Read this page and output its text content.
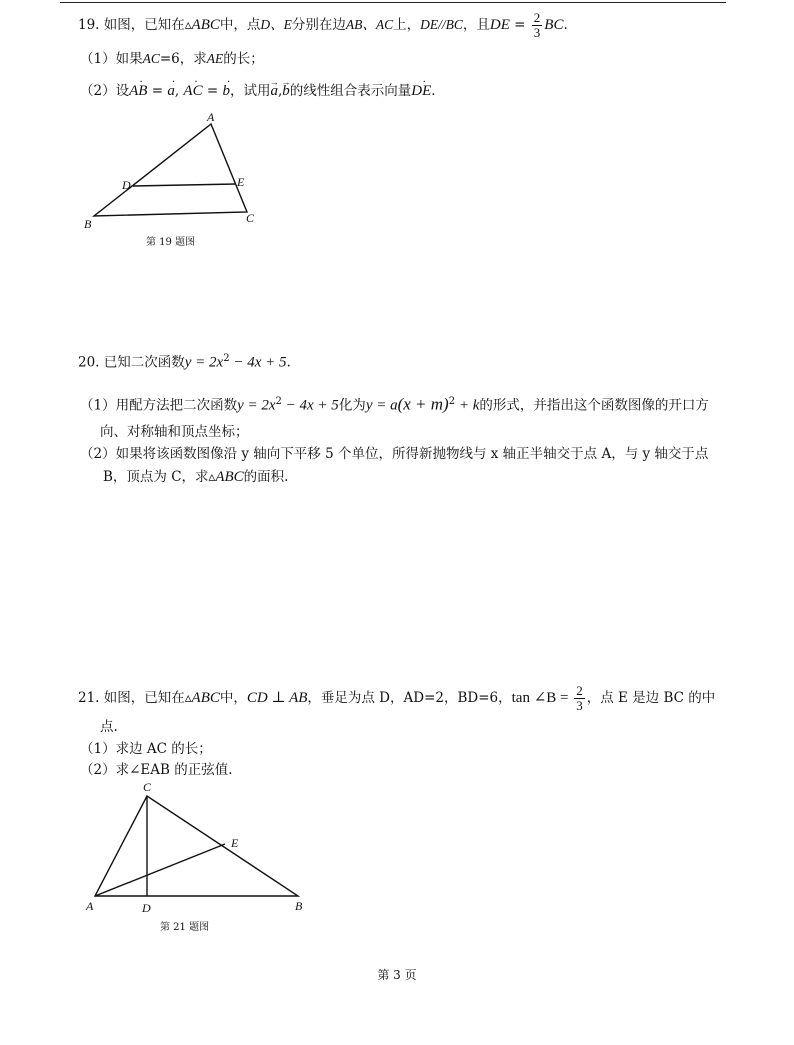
19. 如图，已知在▵ABC中，点D、E分别在边AB、AC上，DE//BC，且DE = $\frac{2}{3}$ BC.
（1）如果AC=6，求AE的长；
（2）设· AB = · a, · AC = · b，试用→ a,→ b的线性组合表示向量· DE.
A
B	C
D	E
第 19 题图
20. 已知二次函数$y = 2x^2 - 4x + 5$.
（1）用配方法把二次函数$y = 2x^2 - 4x + 5$化为$y = a(x + m)^2 + k$的形式，并指出这个函数图像的开口方
向、对称轴和顶点坐标；
（2）如果将该函数图像沿 y 轴向下平移 5 个单位，所得新抛物线与 x 轴正半轴交于点 A，与 y 轴交于点
B，顶点为 C，求▵ABC的面积.
21. 如图，已知在▵ABC中，CD ⊥ AB，垂足为点 D，AD=2，BD=6，tan ∠B = $\frac{2}{3}$ ，点 E 是边 BC 的中
点.
（1）求边 AC 的长；
（2）求∠EAB 的正弦值.
C
A	D	B
E
第 21 题图
第 3 页
